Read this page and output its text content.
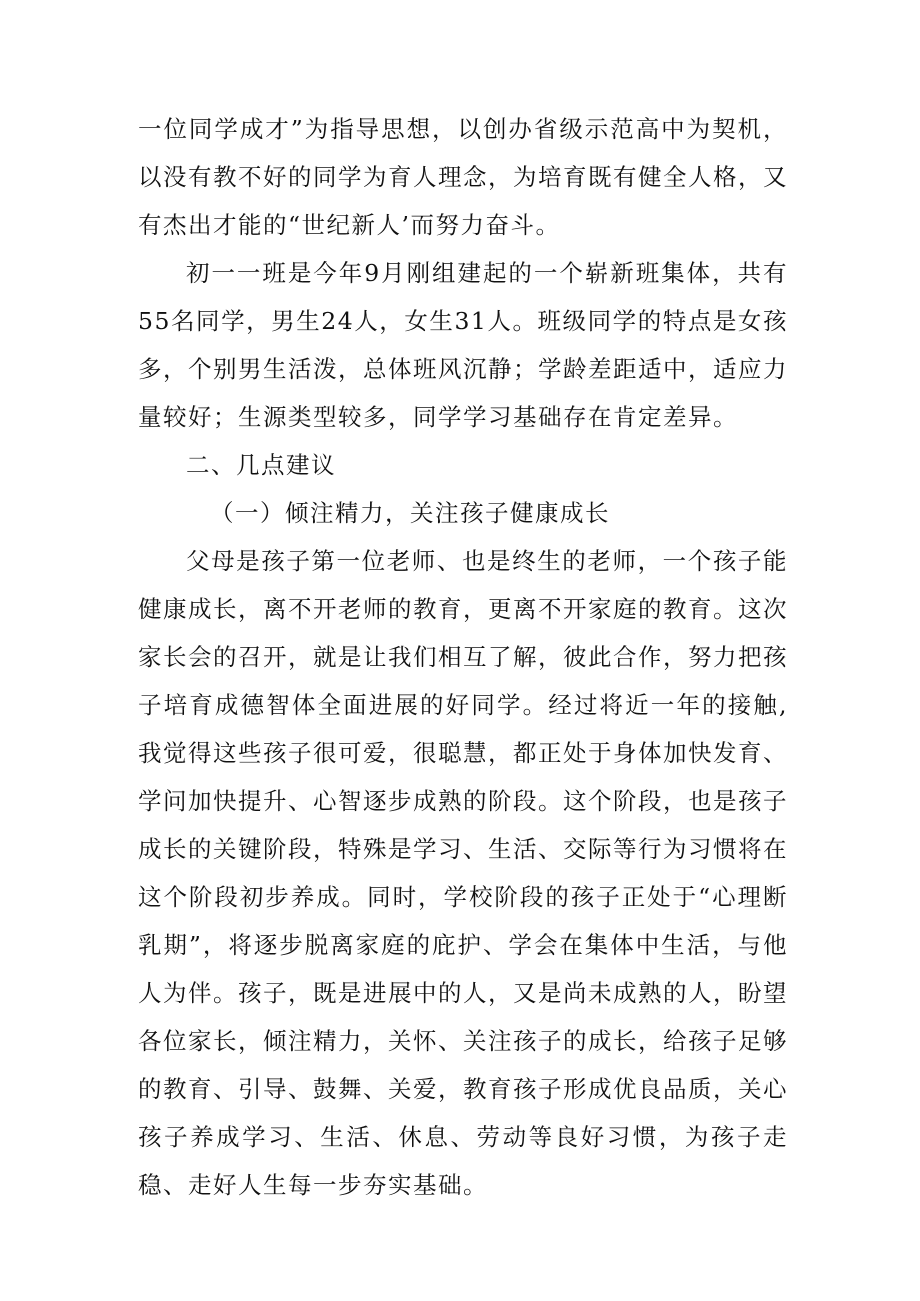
一位同学成才”为指导思想，以创办省级示范高中为契机，以没有教不好的同学为育人理念，为培育既有健全人格，又有杰出才能的“世纪新人’而努力奋斗。

初一一班是今年9月刚组建起的一个崭新班集体，共有55名同学，男生24人，女生31人。班级同学的特点是女孩多，个别男生活泼，总体班风沉静；学龄差距适中，适应力量较好；生源类型较多，同学学习基础存在肯定差异。

二、几点建议

（一）倾注精力，关注孩子健康成长

父母是孩子第一位老师、也是终生的老师，一个孩子能健康成长，离不开老师的教育，更离不开家庭的教育。这次家长会的召开，就是让我们相互了解，彼此合作，努力把孩子培育成德智体全面进展的好同学。经过将近一年的接触,我觉得这些孩子很可爱，很聪慧，都正处于身体加快发育、学问加快提升、心智逐步成熟的阶段。这个阶段，也是孩子成长的关键阶段，特殊是学习、生活、交际等行为习惯将在这个阶段初步养成。同时，学校阶段的孩子正处于“心理断乳期”，将逐步脱离家庭的庇护、学会在集体中生活，与他人为伴。孩子，既是进展中的人，又是尚未成熟的人，盼望各位家长，倾注精力，关怀、关注孩子的成长，给孩子足够的教育、引导、鼓舞、关爱，教育孩子形成优良品质，关心孩子养成学习、生活、休息、劳动等良好习惯，为孩子走稳、走好人生每一步夯实基础。
